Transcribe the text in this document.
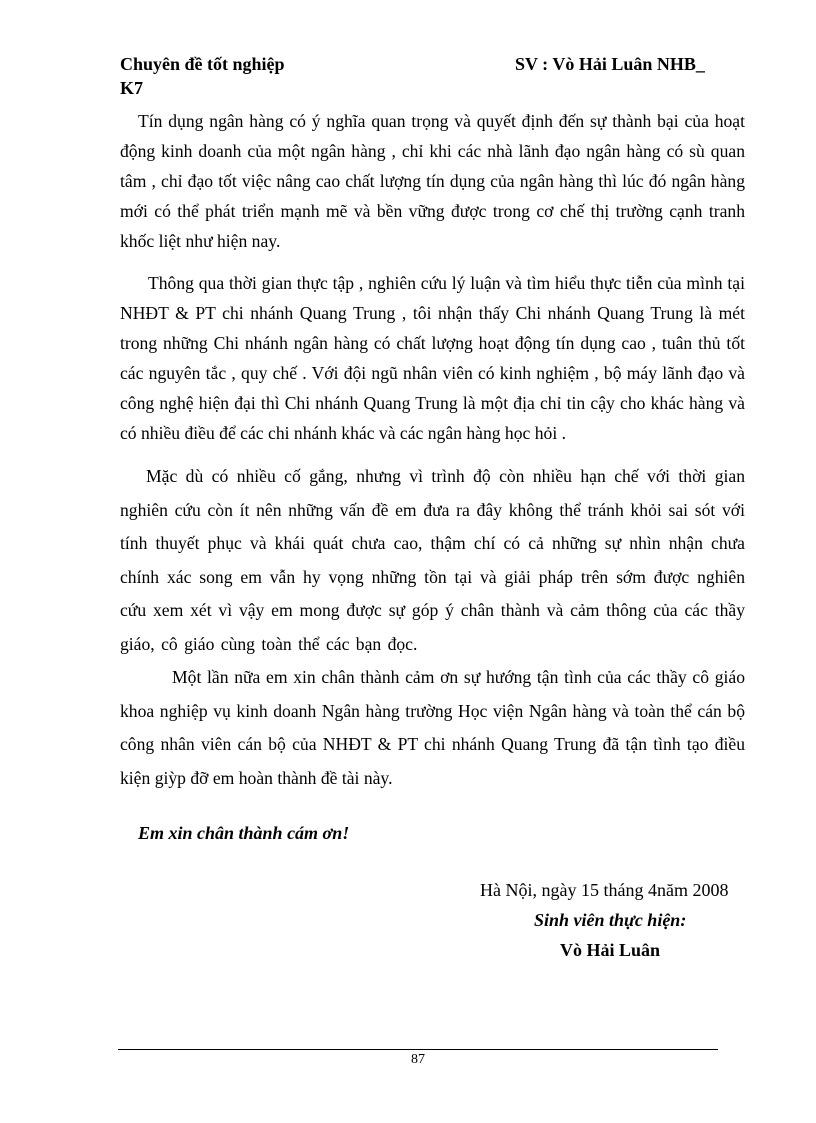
Chuyên đề tốt nghiệp	SV : Vò Hải Luân NHB_
K7

Tín dụng ngân hàng có ý nghĩa quan trọng và quyết định đến sự thành bại của hoạt động kinh doanh của một ngân hàng , chỉ khi các nhà lãnh đạo ngân hàng có sù quan tâm , chỉ đạo tốt việc nâng cao chất lượng tín dụng của ngân hàng thì lúc đó ngân hàng mới có thể phát triển mạnh mẽ và bền vững được trong cơ chế thị trường cạnh tranh khốc liệt như hiện nay.

Thông qua thời gian thực tập , nghiên cứu lý luận và tìm hiểu thực tiễn của mình tại NHĐT & PT chi nhánh Quang Trung , tôi nhận thấy Chi nhánh Quang Trung là mét trong những Chi nhánh ngân hàng có chất lượng hoạt động tín dụng cao , tuân thủ tốt các nguyên tắc , quy chế . Với đội ngũ nhân viên có kinh nghiệm , bộ máy lãnh đạo và công nghệ hiện đại thì Chi nhánh Quang Trung là một địa chỉ tin cậy cho khác hàng và có nhiều điều để các chi nhánh khác và các ngân hàng học hỏi .

Mặc dù có nhiều cố gắng, nhưng vì trình độ còn nhiều hạn chế với thời gian nghiên cứu còn ít nên những vấn đề em đưa ra đây không thể tránh khỏi sai sót với tính thuyết phục và khái quát chưa cao, thậm chí có cả những sự nhìn nhận chưa chính xác song em vẫn hy vọng những tồn tại và giải pháp trên sớm được nghiên cứu xem xét vì vậy em mong được sự góp ý chân thành và cảm thông của các thầy giáo, cô giáo cùng toàn thể các bạn đọc.

Một lần nữa em xin chân thành cảm ơn sự hướng tận tình của các thầy cô giáo khoa nghiệp vụ kinh doanh Ngân hàng trường Học viện Ngân hàng và toàn thể cán bộ công nhân viên cán bộ của NHĐT & PT chi nhánh Quang Trung đã tận tình tạo điều kiện giỳp đỡ em hoàn thành đề tài này.

Em xin chân thành cám ơn!
Hà Nội, ngày 15 tháng 4năm 2008
Sinh viên thực hiện:
Vò Hải Luân
87
